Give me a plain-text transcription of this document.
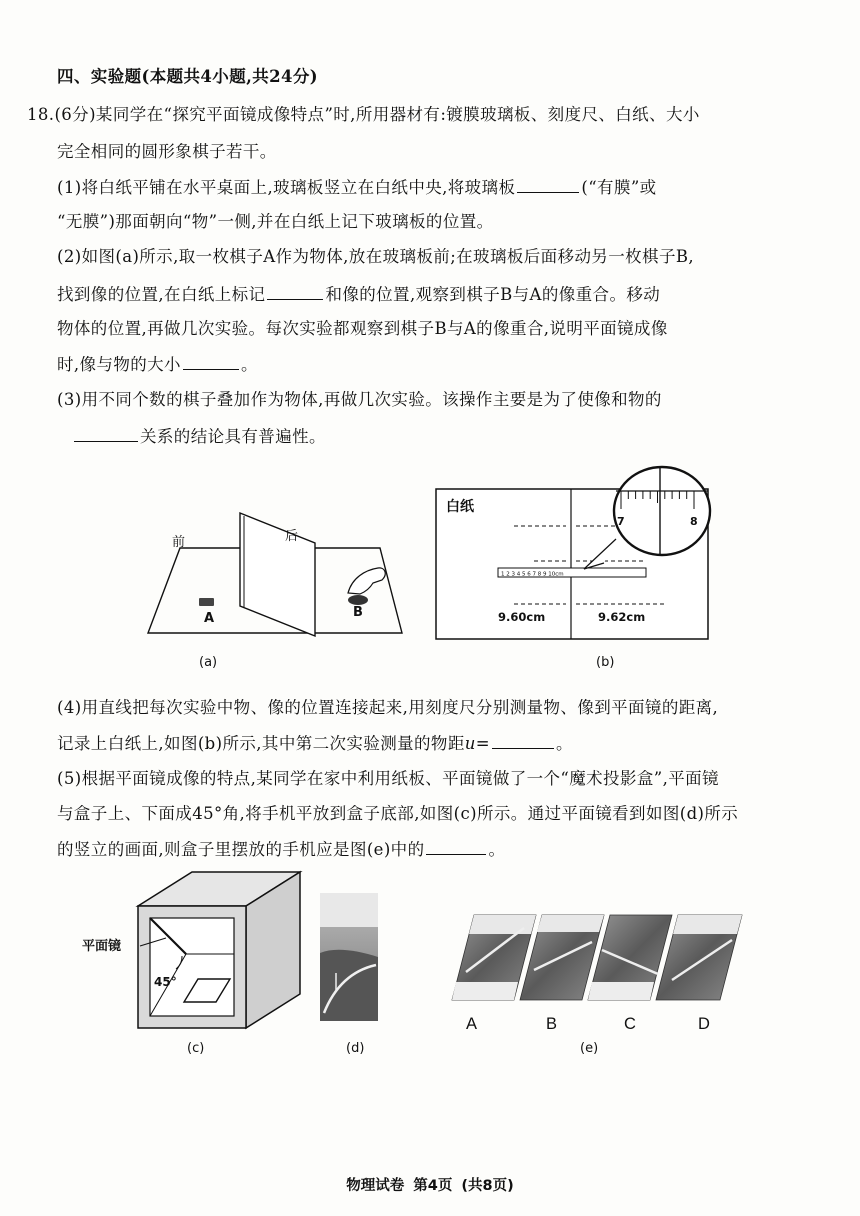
四、实验题(本题共4小题,共24分)
18.(6分)某同学在“探究平面镜成像特点”时,所用器材有:镀膜玻璃板、刻度尺、白纸、大小
完全相同的圆形象棋子若干。
(1)将白纸平铺在水平桌面上,玻璃板竖立在白纸中央,将玻璃板	(“有膜”或
“无膜”)那面朝向“物”一侧,并在白纸上记下玻璃板的位置。
(2)如图(a)所示,取一枚棋子A作为物体,放在玻璃板前;在玻璃板后面移动另一枚棋子B,
找到像的位置,在白纸上标记	和像的位置,观察到棋子B与A的像重合。移动
物体的位置,再做几次实验。每次实验都观察到棋子B与A的像重合,说明平面镜成像
时,像与物的大小	。
(3)用不同个数的棋子叠加作为物体,再做几次实验。该操作主要是为了使像和物的
关系的结论具有普遍性。
前	后
A	B
(a)
白纸
1 2 3 4 5 6 7 8 9 10cm
9.60cm	9.62cm
7	8
(b)
(4)用直线把每次实验中物、像的位置连接起来,用刻度尺分别测量物、像到平面镜的距离,
记录上白纸上,如图(b)所示,其中第二次实验测量的物距u=	。
(5)根据平面镜成像的特点,某同学在家中利用纸板、平面镜做了一个“魔术投影盒”,平面镜
与盒子上、下面成45°角,将手机平放到盒子底部,如图(c)所示。通过平面镜看到如图(d)所示
的竖立的画面,则盒子里摆放的手机应是图(e)中的	。
平面镜
45°
(c)	(d)
A	B	C	D
(e)
物理试卷 第4页 (共8页)
